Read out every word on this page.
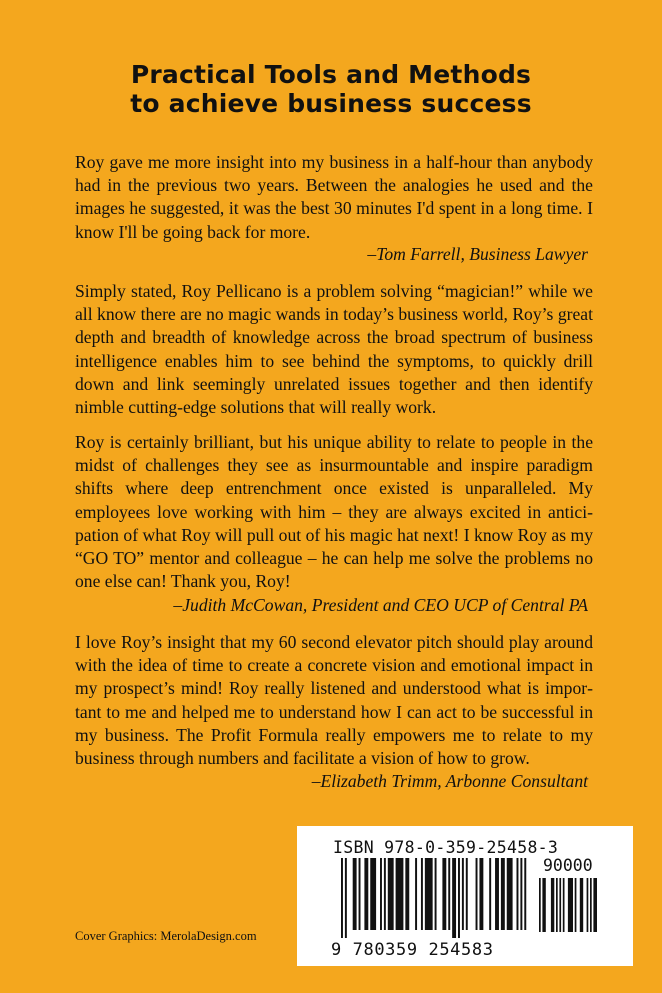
Practical Tools and Methods
to achieve business success
Roy gave me more insight into my business in a half-hour than anybody had in the previous two years. Between the analogies he used and the images he suggested, it was the best 30 minutes I'd spent in a long time. I know I'll be going back for more.
–Tom Farrell, Business Lawyer
Simply stated, Roy Pellicano is a problem solving “magician!” while we all know there are no magic wands in today’s business world, Roy’s great depth and breadth of knowledge across the broad spectrum of business intelligence enables him to see behind the symptoms, to quickly drill down and link seemingly unrelated issues together and then identify nimble cutting-edge solutions that will really work.
Roy is certainly brilliant, but his unique ability to relate to people in the midst of challenges they see as insurmountable and inspire paradigm shifts where deep entrenchment once existed is unparalleled. My employees love working with him – they are always excited in anticipation of what Roy will pull out of his magic hat next! I know Roy as my “GO TO” mentor and colleague – he can help me solve the problems no one else can! Thank you, Roy!
–Judith McCowan, President and CEO UCP of Central PA
I love Roy’s insight that my 60 second elevator pitch should play around with the idea of time to create a concrete vision and emotional impact in my prospect’s mind! Roy really listened and understood what is important to me and helped me to understand how I can act to be successful in my business. The Profit Formula really empowers me to relate to my business through numbers and facilitate a vision of how to grow.
–Elizabeth Trimm, Arbonne Consultant
ISBN 978-0-359-25458-3
90000
9 780359 254583
Cover Graphics: MerolaDesign.com
